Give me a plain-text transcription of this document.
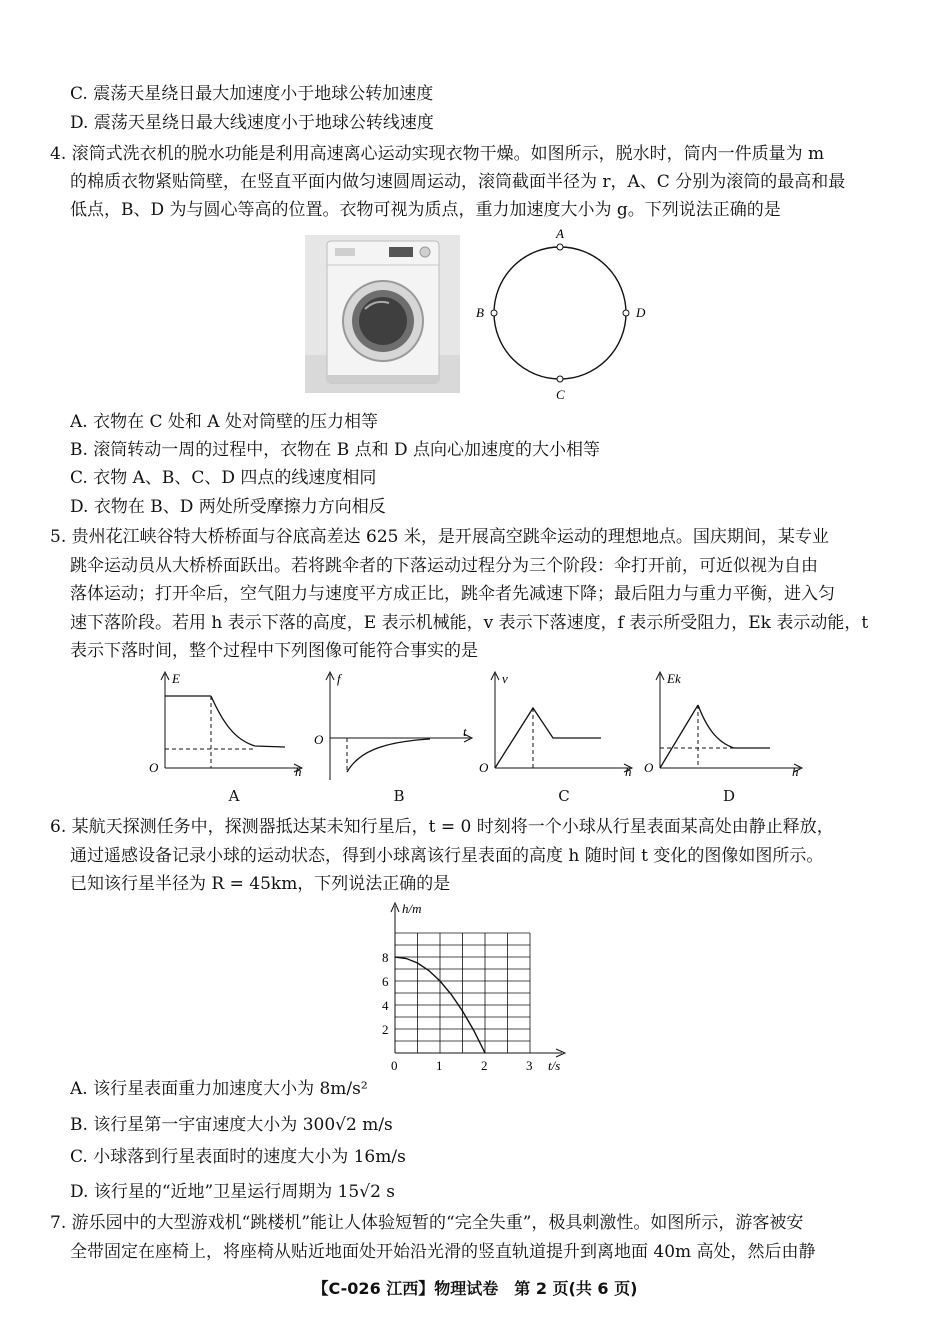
C. 震荡天星绕日最大加速度小于地球公转加速度
D. 震荡天星绕日最大线速度小于地球公转线速度
4. 滚筒式洗衣机的脱水功能是利用高速离心运动实现衣物干燥。如图所示，脱水时，筒内一件质量为 m
的棉质衣物紧贴筒壁，在竖直平面内做匀速圆周运动，滚筒截面半径为 r，A、C 分别为滚筒的最高和最
低点，B、D 为与圆心等高的位置。衣物可视为质点，重力加速度大小为 g。下列说法正确的是
A
C
B	D
A. 衣物在 C 处和 A 处对筒壁的压力相等
B. 滚筒转动一周的过程中，衣物在 B 点和 D 点向心加速度的大小相等
C. 衣物 A、B、C、D 四点的线速度相同
D. 衣物在 B、D 两处所受摩擦力方向相反
5. 贵州花江峡谷特大桥桥面与谷底高差达 625 米，是开展高空跳伞运动的理想地点。国庆期间，某专业
跳伞运动员从大桥桥面跃出。若将跳伞者的下落运动过程分为三个阶段：伞打开前，可近似视为自由
落体运动；打开伞后，空气阻力与速度平方成正比，跳伞者先减速下降；最后阻力与重力平衡，进入匀
速下落阶段。若用 h 表示下落的高度，E 表示机械能，v 表示下落速度，f 表示所受阻力，Ek 表示动能，t
表示下落时间，整个过程中下列图像可能符合事实的是
E
h
O
A
f
t
O
B
v
h
O
C
Ek
h
O
D
6. 某航天探测任务中，探测器抵达某未知行星后，t = 0 时刻将一个小球从行星表面某高处由静止释放，
通过遥感设备记录小球的运动状态，得到小球离该行星表面的高度 h 随时间 t 变化的图像如图所示。
已知该行星半径为 R = 45km，下列说法正确的是
1	2	3
2
4
6
8
h/m
t/s
0
A. 该行星表面重力加速度大小为 8m/s²
B. 该行星第一宇宙速度大小为 300√2 m/s
C. 小球落到行星表面时的速度大小为 16m/s
D. 该行星的“近地”卫星运行周期为 15√2 s
7. 游乐园中的大型游戏机“跳楼机”能让人体验短暂的“完全失重”，极具刺激性。如图所示，游客被安
全带固定在座椅上，将座椅从贴近地面处开始沿光滑的竖直轨道提升到离地面 40m 高处，然后由静
【C-026 江西】物理试卷　第 2 页(共 6 页)
